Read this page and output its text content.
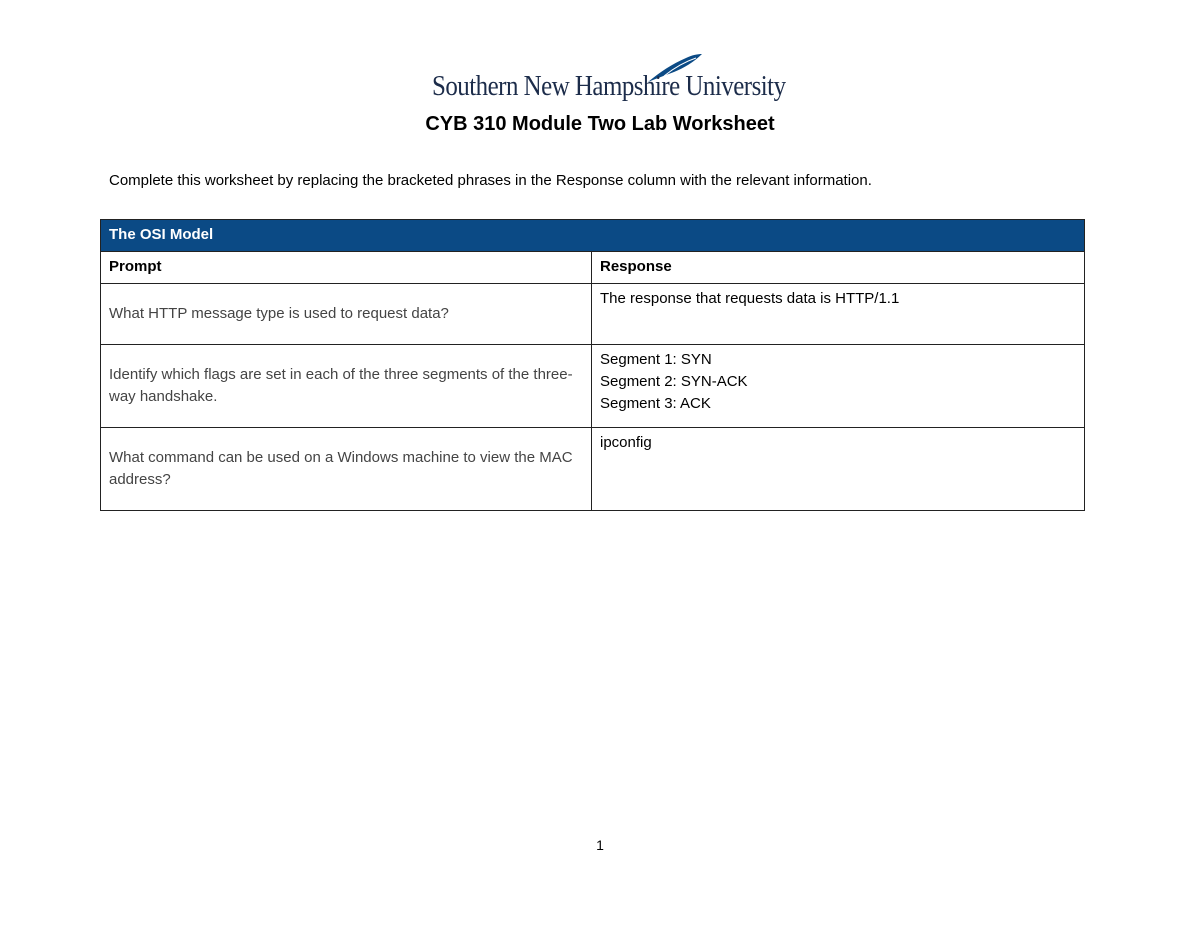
Southern New Hampshire University
CYB 310 Module Two Lab Worksheet
Complete this worksheet by replacing the bracketed phrases in the Response column with the relevant information.
The OSI Model	
Prompt	Response
What HTTP message type is used to request data?	The response that requests data is HTTP/1.1

Identify which flags are set in each of the three segments of the three-way handshake.	Segment 1: SYN
Segment 2: SYN-ACK
Segment 3: ACK

What command can be used on a Windows machine to view the MAC address?	ipconfig
1
